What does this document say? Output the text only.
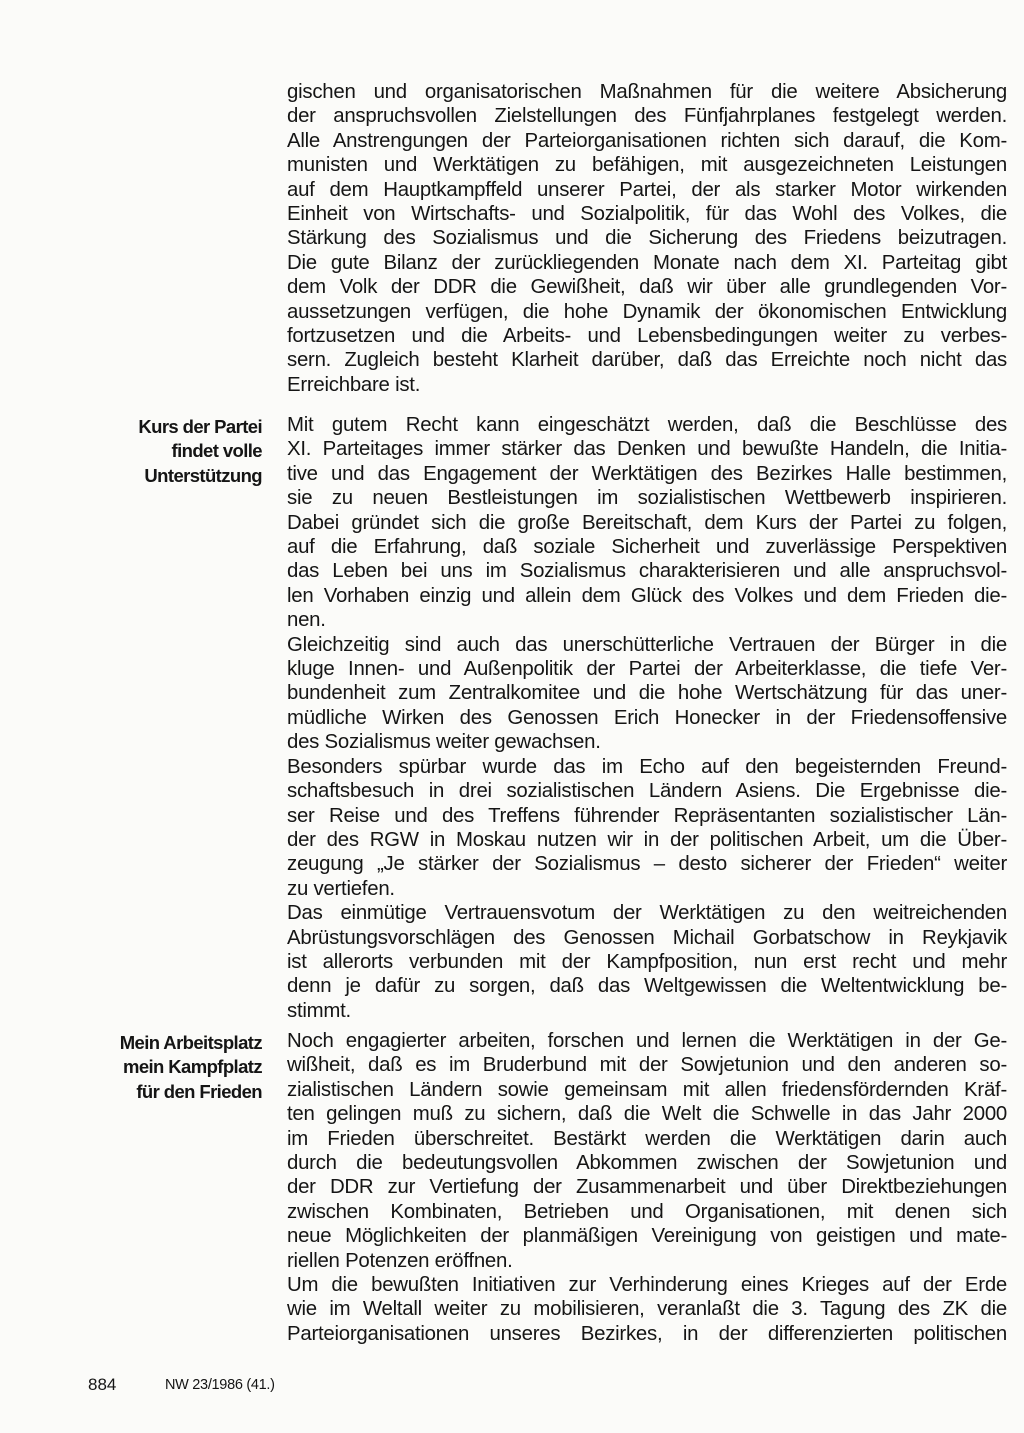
Kurs der Partei
findet volle
Unterstützung
Mein Arbeitsplatz
mein Kampfplatz
für den Frieden
gischen und organisatorischen Maßnahmen für die weitere Absicherung
der anspruchsvollen Zielstellungen des Fünfjahrplanes festgelegt werden.
Alle Anstrengungen der Parteiorganisationen richten sich darauf, die Kom-
munisten und Werktätigen zu befähigen, mit ausgezeichneten Leistungen
auf dem Hauptkampffeld unserer Partei, der als starker Motor wirkenden
Einheit von Wirtschafts- und Sozialpolitik, für das Wohl des Volkes, die
Stärkung des Sozialismus und die Sicherung des Friedens beizutragen.
Die gute Bilanz der zurückliegenden Monate nach dem XI. Parteitag gibt
dem Volk der DDR die Gewißheit, daß wir über alle grundlegenden Vor-
aussetzungen verfügen, die hohe Dynamik der ökonomischen Entwicklung
fortzusetzen und die Arbeits- und Lebensbedingungen weiter zu verbes-
sern. Zugleich besteht Klarheit darüber, daß das Erreichte noch nicht das
Erreichbare ist.
Mit gutem Recht kann eingeschätzt werden, daß die Beschlüsse des
XI. Parteitages immer stärker das Denken und bewußte Handeln, die Initia-
tive und das Engagement der Werktätigen des Bezirkes Halle bestimmen,
sie zu neuen Bestleistungen im sozialistischen Wettbewerb inspirieren.
Dabei gründet sich die große Bereitschaft, dem Kurs der Partei zu folgen,
auf die Erfahrung, daß soziale Sicherheit und zuverlässige Perspektiven
das Leben bei uns im Sozialismus charakterisieren und alle anspruchsvol-
len Vorhaben einzig und allein dem Glück des Volkes und dem Frieden die-
nen.
Gleichzeitig sind auch das unerschütterliche Vertrauen der Bürger in die
kluge Innen- und Außenpolitik der Partei der Arbeiterklasse, die tiefe Ver-
bundenheit zum Zentralkomitee und die hohe Wertschätzung für das uner-
müdliche Wirken des Genossen Erich Honecker in der Friedensoffensive
des Sozialismus weiter gewachsen.
Besonders spürbar wurde das im Echo auf den begeisternden Freund-
schaftsbesuch in drei sozialistischen Ländern Asiens. Die Ergebnisse die-
ser Reise und des Treffens führender Repräsentanten sozialistischer Län-
der des RGW in Moskau nutzen wir in der politischen Arbeit, um die Über-
zeugung „Je stärker der Sozialismus – desto sicherer der Frieden“ weiter
zu vertiefen.
Das einmütige Vertrauensvotum der Werktätigen zu den weitreichenden
Abrüstungsvorschlägen des Genossen Michail Gorbatschow in Reykjavik
ist allerorts verbunden mit der Kampfposition, nun erst recht und mehr
denn je dafür zu sorgen, daß das Weltgewissen die Weltentwicklung be-
stimmt.
Noch engagierter arbeiten, forschen und lernen die Werktätigen in der Ge-
wißheit, daß es im Bruderbund mit der Sowjetunion und den anderen so-
zialistischen Ländern sowie gemeinsam mit allen friedensfördernden Kräf-
ten gelingen muß zu sichern, daß die Welt die Schwelle in das Jahr 2000
im Frieden überschreitet. Bestärkt werden die Werktätigen darin auch
durch die bedeutungsvollen Abkommen zwischen der Sowjetunion und
der DDR zur Vertiefung der Zusammenarbeit und über Direktbeziehungen
zwischen Kombinaten, Betrieben und Organisationen, mit denen sich
neue Möglichkeiten der planmäßigen Vereinigung von geistigen und mate-
riellen Potenzen eröffnen.
Um die bewußten Initiativen zur Verhinderung eines Krieges auf der Erde
wie im Weltall weiter zu mobilisieren, veranlaßt die 3. Tagung des ZK die
Parteiorganisationen unseres Bezirkes, in der differenzierten politischen
884	NW 23/1986 (41.)
